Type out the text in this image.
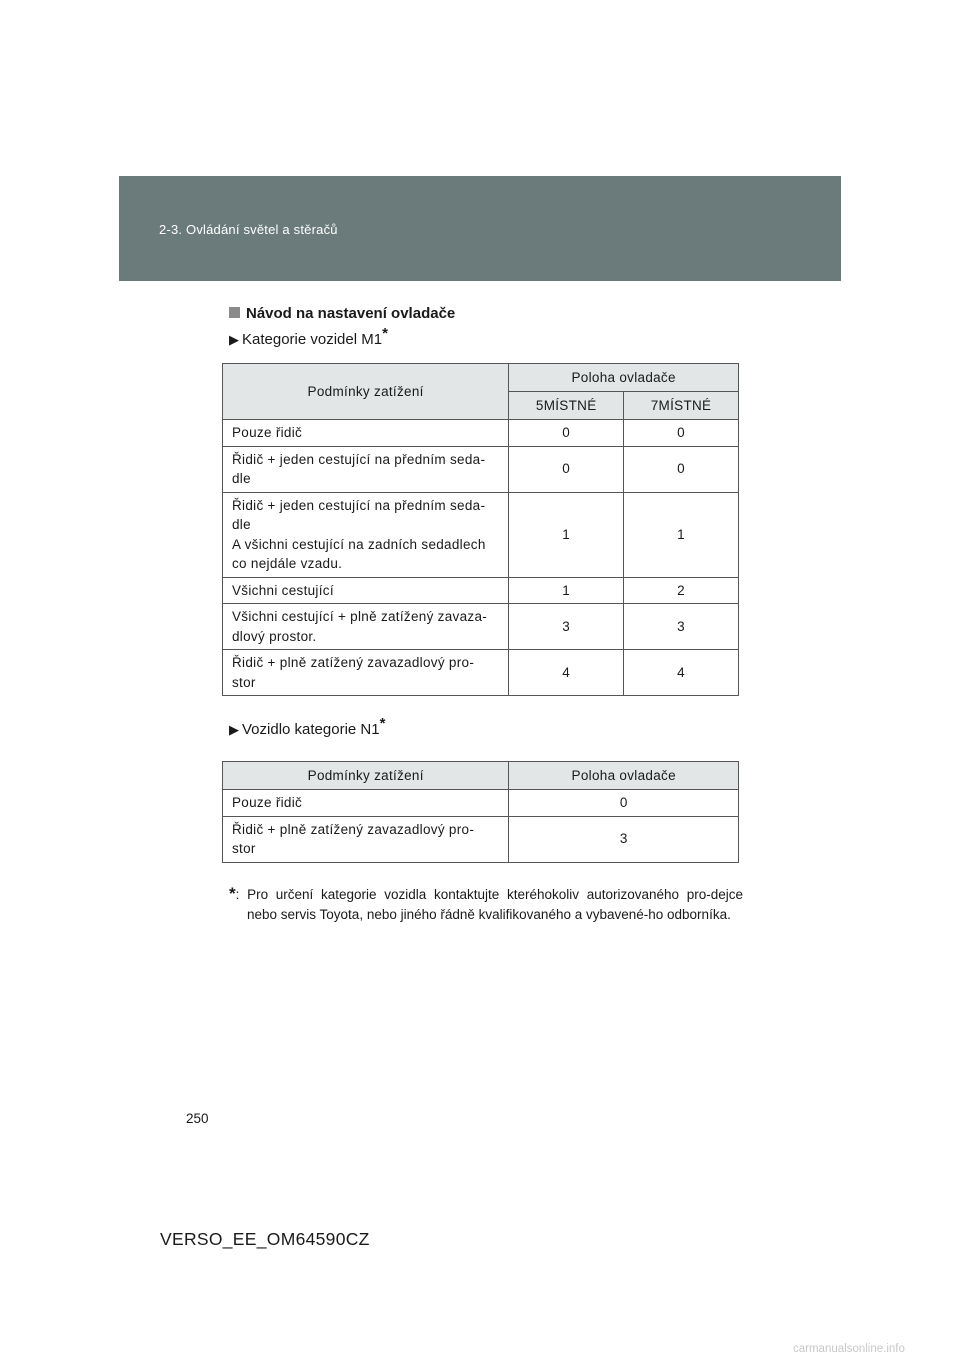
2-3. Ovládání světel a stěračů
Návod na nastavení ovladače
▶ Kategorie vozidel M1*
Podmínky zatížení	Poloha ovladače	
	5MÍSTNÉ	7MÍSTNÉ
Pouze řidič	0	0
Řidič + jeden cestující na předním seda-
dle	0	0
Řidič + jeden cestující na předním seda-
dle
A všichni cestující na zadních sedadlech
co nejdále vzadu.	1	1
Všichni cestující	1	2
Všichni cestující + plně zatížený zavaza-
dlový prostor.	3	3
Řidič + plně zatížený zavazadlový pro-
stor	4	4
▶ Vozidlo kategorie N1*
Podmínky zatížení	Poloha ovladače
Pouze řidič	0
Řidič + plně zatížený zavazadlový pro-
stor	3
*: Pro určení kategorie vozidla kontaktujte kteréhokoliv autorizovaného pro-dejce nebo servis Toyota, nebo jiného řádně kvalifikovaného a vybavené-ho odborníka.
250
VERSO_EE_OM64590CZ
carmanualsonline.info
